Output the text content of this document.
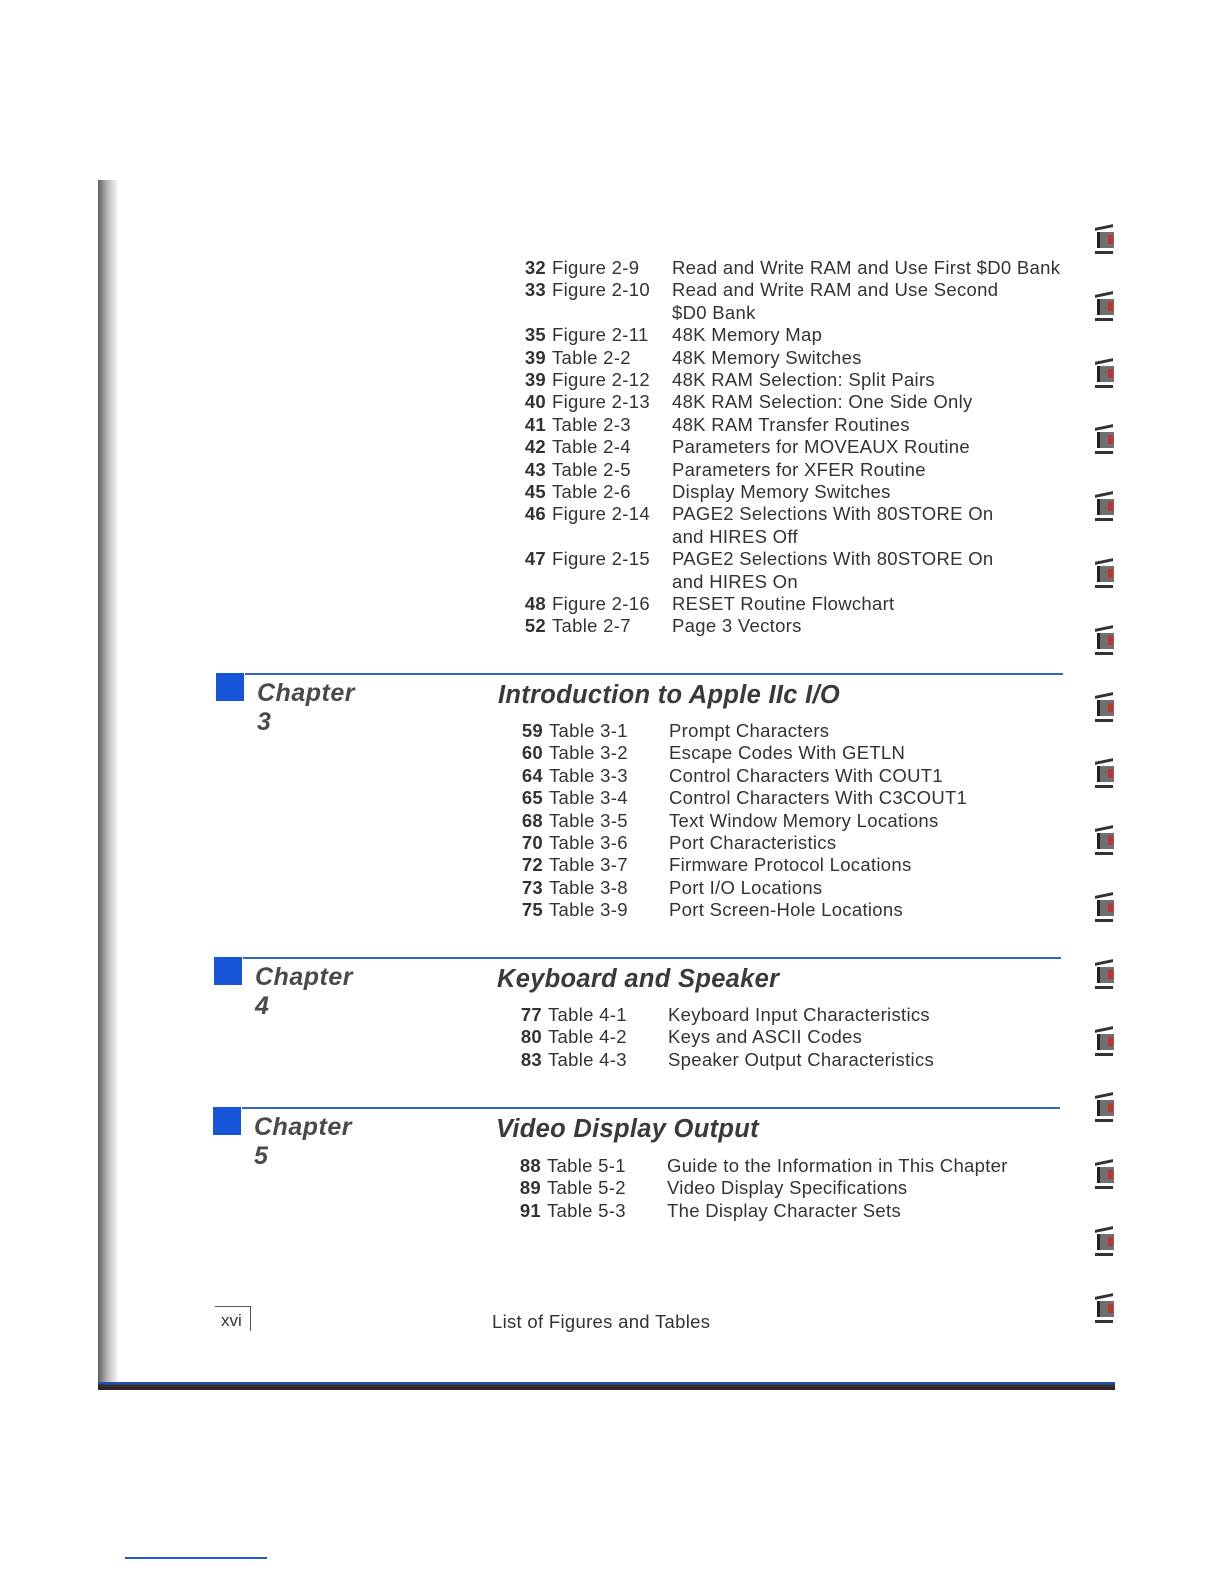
32 Figure 2-9 Read and Write RAM and Use First $D0 Bank
33 Figure 2-10 Read and Write RAM and Use Second
$D0 Bank
35 Figure 2-11 48K Memory Map
39 Table 2-2 48K Memory Switches
39 Figure 2-12 48K RAM Selection: Split Pairs
40 Figure 2-13 48K RAM Selection: One Side Only
41 Table 2-3 48K RAM Transfer Routines
42 Table 2-4 Parameters for MOVEAUX Routine
43 Table 2-5 Parameters for XFER Routine
45 Table 2-6 Display Memory Switches
46 Figure 2-14 PAGE2 Selections With 80STORE On
and HIRES Off
47 Figure 2-15 PAGE2 Selections With 80STORE On
and HIRES On
48 Figure 2-16 RESET Routine Flowchart
52 Table 2-7 Page 3 Vectors
Chapter 3
Introduction to Apple IIc I/O
59 Table 3-1 Prompt Characters
60 Table 3-2 Escape Codes With GETLN
64 Table 3-3 Control Characters With COUT1
65 Table 3-4 Control Characters With C3COUT1
68 Table 3-5 Text Window Memory Locations
70 Table 3-6 Port Characteristics
72 Table 3-7 Firmware Protocol Locations
73 Table 3-8 Port I/O Locations
75 Table 3-9 Port Screen-Hole Locations
Chapter 4
Keyboard and Speaker
77 Table 4-1 Keyboard Input Characteristics
80 Table 4-2 Keys and ASCII Codes
83 Table 4-3 Speaker Output Characteristics
Chapter 5
Video Display Output
88 Table 5-1 Guide to the Information in This Chapter
89 Table 5-2 Video Display Specifications
91 Table 5-3 The Display Character Sets
xvi	List of Figures and Tables
